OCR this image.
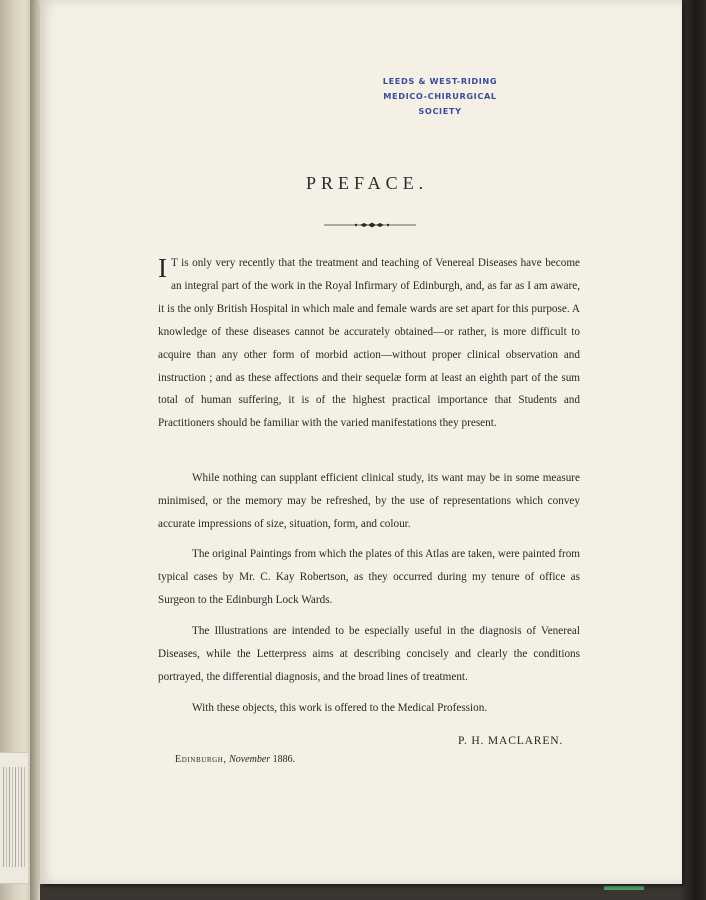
LEEDS & WEST-RIDING
MEDICO-CHIRURGICAL SOCIETY
PREFACE.
I T is only very recently that the treatment and teaching of Venereal Diseases have become an integral part of the work in the Royal Infirmary of Edinburgh, and, as far as I am aware, it is the only British Hospital in which male and female wards are set apart for this purpose. A knowledge of these diseases cannot be accurately obtained—or rather, is more difficult to acquire than any other form of morbid action—without proper clinical observation and instruction ; and as these affections and their sequelæ form at least an eighth part of the sum total of human suffering, it is of the highest practical importance that Students and Practitioners should be familiar with the varied manifestations they present.
While nothing can supplant efficient clinical study, its want may be in some measure minimised, or the memory may be refreshed, by the use of representations which convey accurate impressions of size, situation, form, and colour.
The original Paintings from which the plates of this Atlas are taken, were painted from typical cases by Mr. C. Kay Robertson, as they occurred during my tenure of office as Surgeon to the Edinburgh Lock Wards.
The Illustrations are intended to be especially useful in the diagnosis of Venereal Diseases, while the Letterpress aims at describing concisely and clearly the conditions portrayed, the differential diagnosis, and the broad lines of treatment.
With these objects, this work is offered to the Medical Profession.
P. H. MACLAREN.
Edinburgh, November 1886.
